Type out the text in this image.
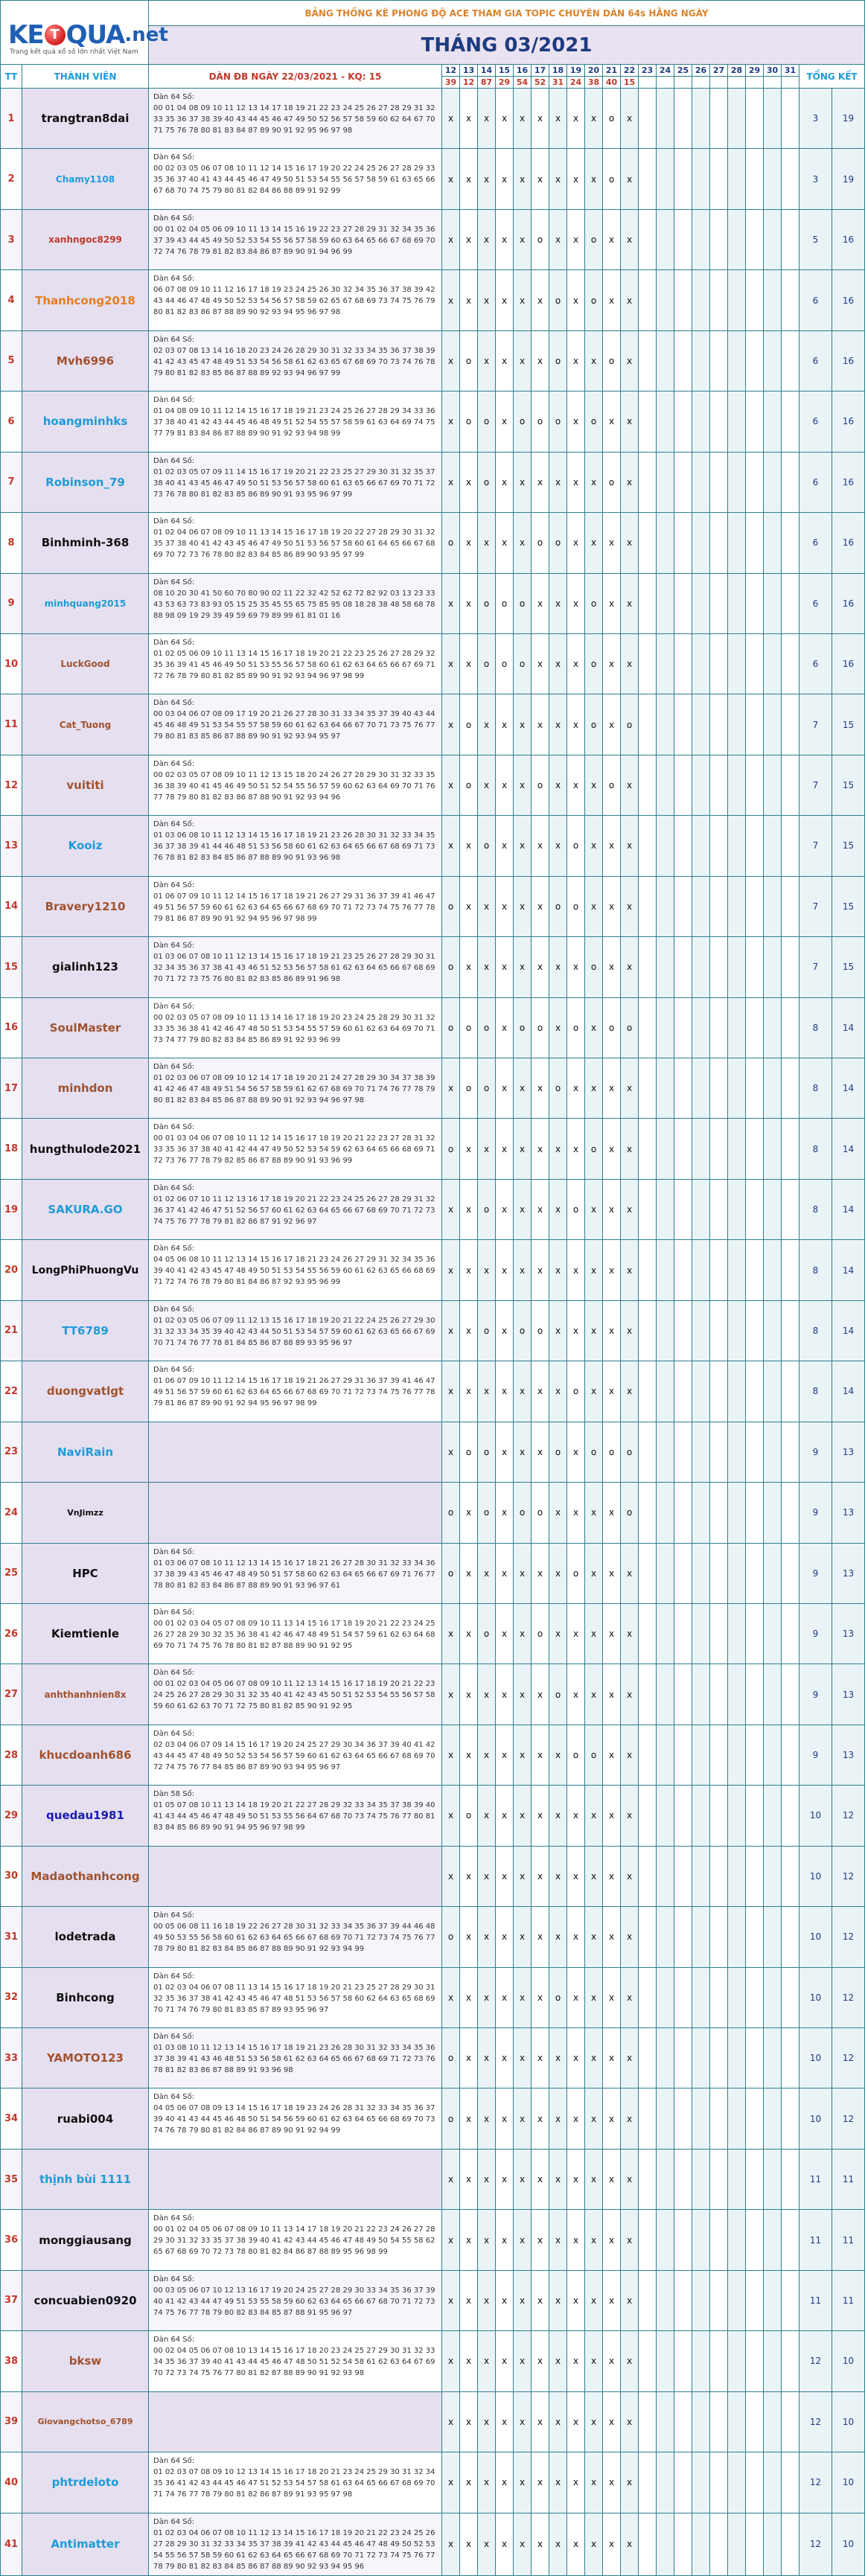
KE T QUA .net
Trang kết quả xổ số lớn nhất Việt Nam		BẢNG THỐNG KÊ PHONG ĐỘ ACE THAM GIA TOPIC CHUYÊN DÀN 64s HẰNG NGÀY																						
		THÁNG 03/2021																						
TT	THÀNH VIÊN	DÀN ĐB NGÀY 22/03/2021 - KQ: 15	12	13	14	15	16	17	18	19	20	21	22	23	24	25	26	27	28	29	30	31	TỔNG KẾT	
			39	12	87	29	54	52	31	24	38	40	15											
1	trangtran8dai	Dàn 64 Số:
00 01 04 08 09 10 11 12 13 14 17 18 19 21 22 23 24 25 26 27 28 29 31 32 33 35 36 37 38 39 40 43 44 45 46 47 49 50 52 56 57 58 59 60 62 64 67 70 71 75 76 78 80 81 83 84 87 89 90 91 92 95 96 97 98	x	x	x	x	x	x	x	x	x	o	x										3	19
2	Chamy1108	Dàn 64 Số:
00 02 03 05 06 07 08 10 11 12 14 15 16 17 19 20 22 24 25 26 27 28 29 33 35 36 37 40 41 43 44 45 46 47 49 50 51 53 54 55 56 57 58 59 61 63 65 66 67 68 70 74 75 79 80 81 82 84 86 88 89 91 92 99	x	x	x	x	x	x	x	x	x	o	x										3	19
3	xanhngoc8299	Dàn 64 Số:
00 01 02 04 05 06 09 10 11 13 14 15 16 19 22 23 27 28 29 31 32 34 35 36 37 39 43 44 45 49 50 52 53 54 55 56 57 58 59 60 63 64 65 66 67 68 69 70 72 74 76 78 79 81 82 83 84 86 87 89 90 91 94 96 99	x	x	x	x	x	o	x	x	o	x	x										5	16
4	Thanhcong2018	Dàn 64 Số:
06 07 08 09 10 11 12 16 17 18 19 23 24 25 26 30 32 34 35 36 37 38 39 42 43 44 46 47 48 49 50 52 53 54 56 57 58 59 62 65 67 68 69 73 74 75 76 79 80 81 82 83 86 87 88 89 90 92 93 94 95 96 97 98	x	x	x	x	x	x	o	x	o	x	x										6	16
5	Mvh6996	Dàn 64 Số:
02 03 07 08 13 14 16 18 20 23 24 26 28 29 30 31 32 33 34 35 36 37 38 39 41 42 43 45 47 48 49 51 53 54 56 58 61 62 63 65 67 68 69 70 73 74 76 78 79 80 81 82 83 85 86 87 88 89 92 93 94 96 97 99	x	o	x	x	x	x	o	x	x	o	x										6	16
6	hoangminhks	Dàn 64 Số:
01 04 08 09 10 11 12 14 15 16 17 18 19 21 23 24 25 26 27 28 29 34 33 36 37 38 40 41 42 43 44 45 46 48 49 51 52 54 55 57 58 59 61 63 64 69 74 75 77 79 81 83 84 86 87 88 89 90 91 92 93 94 98 99	x	o	o	x	o	o	o	x	o	x	x										6	16
7	Robinson_79	Dàn 64 Số:
01 02 03 05 07 09 11 14 15 16 17 19 20 21 22 23 25 27 29 30 31 32 35 37 38 40 41 43 45 46 47 49 50 51 53 56 57 58 60 61 63 65 66 67 69 70 71 72 73 76 78 80 81 82 83 85 86 89 90 91 93 95 96 97 99	x	x	o	x	x	x	x	x	x	o	x										6	16
8	Binhminh-368	Dàn 64 Số:
01 02 04 06 07 08 09 10 11 13 14 15 16 17 18 19 20 22 27 28 29 30 31 32 35 37 38 40 41 42 43 45 46 47 49 50 51 53 56 57 58 60 61 64 65 66 67 68 69 70 72 73 76 78 80 82 83 84 85 86 89 90 93 95 97 99	o	x	x	x	x	o	o	x	x	x	x										6	16
9	minhquang2015	Dàn 64 Số:
08 10 20 30 41 50 60 70 80 90 02 11 22 32 42 52 62 72 82 92 03 13 23 33 43 53 63 73 83 93 05 15 25 35 45 55 65 75 85 95 08 18 28 38 48 58 68 78 88 98 09 19 29 39 49 59 69 79 89 99 61 81 01 16	x	x	o	o	o	x	x	x	o	x	x										6	16
10	LuckGood	Dàn 64 Số:
01 02 05 06 09 10 11 13 14 15 16 17 18 19 20 21 22 23 25 26 27 28 29 32 35 36 39 41 45 46 49 50 51 53 55 56 57 58 60 61 62 63 64 65 66 67 69 71 72 76 78 79 80 81 82 85 89 90 91 92 93 94 96 97 98 99	x	x	o	o	o	x	x	x	o	x	x										6	16
11	Cat_Tuong	Dàn 64 Số:
00 03 04 06 07 08 09 17 19 20 21 26 27 28 30 31 33 34 35 37 39 40 43 44 45 46 48 49 51 53 54 55 57 58 59 60 61 62 63 64 66 67 70 71 73 75 76 77 79 80 81 83 85 86 87 88 89 90 91 92 93 94 95 97	x	o	x	x	x	x	x	x	o	x	o										7	15
12	vuititi	Dàn 64 Số:
00 02 03 05 07 08 09 10 11 12 13 15 18 20 24 26 27 28 29 30 31 32 33 35 36 38 39 40 41 45 46 49 50 51 52 54 55 56 57 59 60 62 63 64 69 70 71 76 77 78 79 80 81 82 83 86 87 88 90 91 92 93 94 96	x	o	x	x	x	o	x	x	x	o	x										7	15
13	Kooiz	Dàn 64 Số:
01 03 06 08 10 11 12 13 14 15 16 17 18 19 21 23 26 28 30 31 32 33 34 35 36 37 38 39 41 44 46 48 51 53 56 58 60 61 62 63 64 65 66 67 68 69 71 73 76 78 81 82 83 84 85 86 87 88 89 90 91 93 96 98	x	x	o	x	x	x	x	o	x	x	x										7	15
14	Bravery1210	Dàn 64 Số:
01 06 07 09 10 11 12 14 15 16 17 18 19 21 26 27 29 31 36 37 39 41 46 47 49 51 56 57 59 60 61 62 63 64 65 66 67 68 69 70 71 72 73 74 75 76 77 78 79 81 86 87 89 90 91 92 94 95 96 97 98 99	o	x	x	x	x	x	o	o	x	x	x										7	15
15	gialinh123	Dàn 64 Số:
01 03 06 07 08 10 11 12 13 14 15 16 17 18 19 21 23 25 26 27 28 29 30 31 32 34 35 36 37 38 41 43 46 51 52 53 56 57 58 61 62 63 64 65 66 67 68 69 70 71 72 73 75 76 80 81 82 83 85 86 89 91 96 98	o	x	x	x	x	x	x	x	o	x	x										7	15
16	SoulMaster	Dàn 64 Số:
00 02 03 05 07 08 09 10 11 13 14 16 17 18 19 20 23 24 25 28 29 30 31 32 33 35 36 38 41 42 46 47 48 50 51 53 54 55 57 59 60 61 62 63 64 69 70 71 73 74 77 79 80 82 83 84 85 86 89 91 92 93 96 99	o	o	o	x	o	o	x	o	x	o	o										8	14
17	minhdon	Dàn 64 Số:
01 02 03 06 07 08 09 10 12 14 17 18 19 20 21 24 27 28 29 30 34 37 38 39 41 42 46 47 48 49 51 54 56 57 58 59 61 62 67 68 69 70 71 74 76 77 78 79 80 81 82 83 84 85 86 87 88 89 90 91 92 93 94 96 97 98	x	o	o	x	x	x	o	x	x	x	x										8	14
18	hungthulode2021	Dàn 64 Số:
00 01 03 04 06 07 08 10 11 12 14 15 16 17 18 19 20 21 22 23 27 28 31 32 33 35 36 37 38 40 41 42 44 47 49 50 52 53 54 59 62 63 64 65 66 68 69 71 72 73 76 77 78 79 82 85 86 87 88 89 90 91 93 96 99	o	x	x	x	x	x	x	x	o	x	x										8	14
19	SAKURA.GO	Dàn 64 Số:
01 02 06 07 10 11 12 13 16 17 18 19 20 21 22 23 24 25 26 27 28 29 31 32 36 37 41 42 46 47 51 52 56 57 60 61 62 63 64 65 66 67 68 69 70 71 72 73 74 75 76 77 78 79 81 82 86 87 91 92 96 97	x	x	o	x	x	x	x	o	x	x	x										8	14
20	LongPhiPhuongVu	Dàn 64 Số:
04 05 06 08 10 11 12 13 14 15 16 17 18 21 23 24 26 27 29 31 32 34 35 36 39 40 41 42 43 45 47 48 49 50 51 53 54 55 56 59 60 61 62 63 65 66 68 69 71 72 74 76 78 79 80 81 84 86 87 92 93 95 96 99	x	x	x	x	x	x	x	x	x	x	x										8	14
21	TT6789	Dàn 64 Số:
01 02 03 05 06 07 09 11 12 13 15 16 17 18 19 20 21 22 24 25 26 27 29 30 31 32 33 34 35 39 40 42 43 44 50 51 53 54 57 59 60 61 62 63 65 66 67 69 70 71 74 76 77 78 81 84 85 86 87 88 89 93 95 96 97	x	x	o	x	o	o	x	x	x	x	x										8	14
22	duongvatlgt	Dàn 64 Số:
01 06 07 09 10 11 12 14 15 16 17 18 19 21 26 27 29 31 36 37 39 41 46 47 49 51 56 57 59 60 61 62 63 64 65 66 67 68 69 70 71 72 73 74 75 76 77 78 79 81 86 87 89 90 91 92 94 95 96 97 98 99	x	x	x	x	x	x	x	o	x	x	x										8	14
23	NaviRain		x	o	o	x	x	x	o	x	o	o	o										9	13
24	VnJimzz		o	x	o	x	o	o	x	x	x	x	o										9	13
25	HPC	Dàn 64 Số:
01 03 06 07 08 10 11 12 13 14 15 16 17 18 21 26 27 28 30 31 32 33 34 36 37 38 39 43 45 46 47 48 49 50 51 57 58 60 62 63 64 65 66 67 69 71 76 77 78 80 81 82 83 84 86 87 88 89 90 91 93 96 97 61	o	x	x	x	x	x	x	o	x	x	x										9	13
26	Kiemtienle	Dàn 64 Số:
00 01 02 03 04 05 07 08 09 10 11 13 14 15 16 17 18 19 20 21 22 23 24 25 26 27 28 29 30 32 35 36 38 41 42 46 47 48 49 51 54 57 59 61 62 63 64 68 69 70 71 74 75 76 78 80 81 82 87 88 89 90 91 92 95	x	x	o	x	x	o	x	x	x	x	x										9	13
27	anhthanhnien8x	Dàn 64 Số:
00 01 02 03 04 05 06 07 08 09 10 11 12 13 14 15 16 17 18 19 20 21 22 23 24 25 26 27 28 29 30 31 32 35 40 41 42 43 45 50 51 52 53 54 55 56 57 58 59 60 61 62 63 70 71 72 75 80 81 82 85 90 91 92 95	x	x	x	x	x	x	o	x	x	x	x										9	13
28	khucdoanh686	Dàn 64 Số:
02 03 04 06 07 09 14 15 16 17 19 20 24 25 27 29 30 34 36 37 39 40 41 42 43 44 45 47 48 49 50 52 53 54 56 57 59 60 61 62 63 64 65 66 67 68 69 70 72 74 75 76 77 84 85 86 87 89 90 93 94 95 96 97	x	x	x	x	x	x	x	o	o	x	x										9	13
29	quedau1981	Dàn 58 Số:
01 05 07 08 10 11 13 14 18 19 20 21 22 27 28 29 32 33 34 35 37 38 39 40 41 43 44 45 46 47 48 49 50 51 53 55 56 64 67 68 70 73 74 75 76 77 80 81 83 84 85 86 89 90 91 94 95 96 97 98 99	x	o	x	x	x	x	x	x	x	x	x										10	12
30	Madaothanhcong		x	x	x	x	x	x	x	x	x	x	x										10	12
31	lodetrada	Dàn 64 Số:
00 05 06 08 11 16 18 19 22 26 27 28 30 31 32 33 34 35 36 37 39 44 46 48 49 50 53 55 56 58 60 61 62 63 64 65 66 67 68 69 70 71 72 73 74 75 76 77 78 79 80 81 82 83 84 85 86 87 88 89 90 91 92 93 94 99	o	x	x	x	x	x	x	x	x	x	x										10	12
32	Binhcong	Dàn 64 Số:
01 02 03 04 06 07 08 11 13 14 15 16 17 18 19 20 21 23 25 27 28 29 30 31 32 35 36 37 38 41 42 43 45 46 47 48 51 53 56 57 58 60 62 64 63 65 68 69 70 71 74 76 79 80 81 83 85 87 89 93 95 96 97	x	x	x	x	x	x	o	x	x	x	x										10	12
33	YAMOTO123	Dàn 64 Số:
01 03 08 10 11 12 13 14 15 16 17 18 19 21 23 26 28 30 31 32 33 34 35 36 37 38 39 41 43 46 48 51 53 56 58 61 62 63 64 65 66 67 68 69 71 72 73 76 78 81 82 83 86 87 88 89 91 93 96 98	o	x	x	x	x	x	x	x	x	x	x										10	12
34	ruabi004	Dàn 64 Số:
04 05 06 07 08 09 13 14 15 16 17 18 19 23 24 26 28 31 32 33 34 35 36 37 39 40 41 43 44 45 46 48 50 51 54 56 59 60 61 62 63 64 65 66 68 69 70 73 74 76 78 79 80 81 82 84 86 87 89 90 91 92 94 99	o	x	x	x	x	x	x	x	x	x	x										10	12
35	thịnh bùi 1111		x	x	x	x	x	x	x	x	x	x	x										11	11
36	monggiausang	Dàn 64 Số:
00 01 02 04 05 06 07 08 09 10 11 13 14 17 18 19 20 21 22 23 24 26 27 28 29 30 31 32 33 35 37 38 39 40 41 42 43 44 45 46 47 48 49 50 54 55 58 62 65 67 68 69 70 72 73 78 80 81 82 84 86 87 88 89 95 96 98 99	x	x	x	x	x	x	x	x	x	x	x										11	11
37	concuabien0920	Dàn 64 Số:
00 03 05 06 07 10 12 13 16 17 19 20 24 25 27 28 29 30 33 34 35 36 37 39 40 41 42 43 44 47 49 51 53 55 58 59 60 62 63 64 65 66 67 68 70 71 72 73 74 75 76 77 78 79 80 82 83 84 85 87 88 91 95 96 97	x	x	x	x	x	x	x	x	x	x	x										11	11
38	bksw	Dàn 64 Số:
00 02 04 05 06 07 08 10 13 14 15 16 17 18 20 23 24 25 27 29 30 31 32 33 34 35 36 37 39 40 41 43 44 45 46 47 48 50 51 52 54 58 61 62 63 64 67 69 70 72 73 74 75 76 77 80 81 82 87 88 89 90 91 92 93 98	x	x	x	x	x	x	x	x	x	x	x										12	10
39	Giovangchotso_6789		x	x	x	x	x	x	x	x	x	x	x										12	10
40	phtrdeloto	Dàn 64 Số:
01 02 03 07 08 09 10 12 13 14 15 16 17 18 20 21 23 24 25 29 30 31 32 34 35 36 41 42 43 44 45 46 47 51 52 53 54 57 58 61 63 64 65 66 67 68 69 70 71 74 76 77 78 79 80 81 82 86 87 89 91 93 95 97 98	x	x	x	x	x	x	x	x	x	x	x										12	10
41	Antimatter	Dàn 64 Số:
01 02 03 04 06 07 08 10 11 12 13 14 15 16 17 18 19 20 21 22 23 24 25 26 27 28 29 30 31 32 33 34 35 37 38 39 41 42 43 44 45 46 47 48 49 50 52 53 54 55 56 57 58 59 60 61 62 63 64 65 66 67 68 69 70 71 72 73 74 75 76 77 78 79 80 81 82 83 84 85 86 87 88 89 90 92 93 94 95 96	x	x	x	x	x	x	x	x	x	x	x										12	10
